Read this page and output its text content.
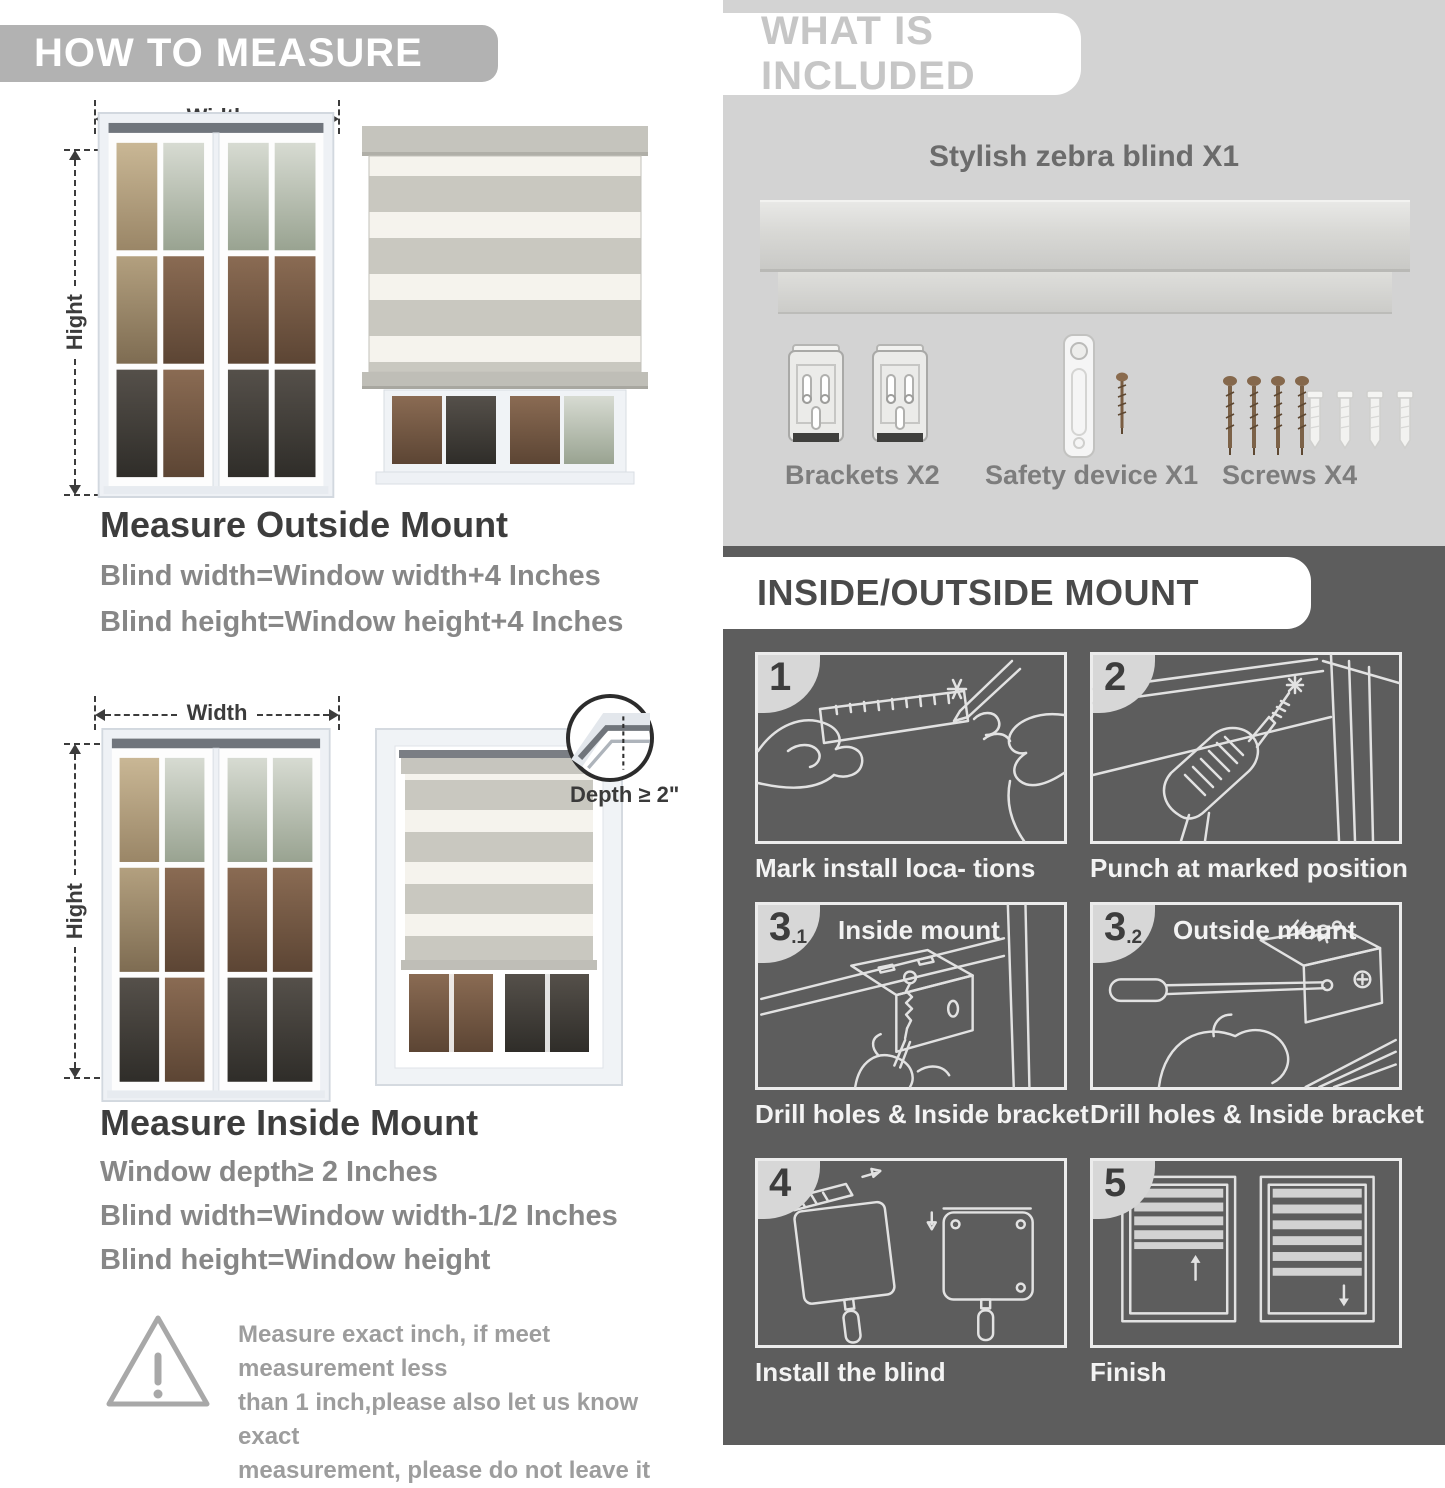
HOW TO MEASURE
Hight
Measure Outside Mount
Blind width=Window width+4 Inches
Blind height=Window height+4 Inches
Width
Hight
Depth ≥ 2"
Measure Inside Mount
Window depth≥ 2 Inches
Blind width=Window width-1/2 Inches
Blind height=Window height
Measure exact inch, if meet measurement less
than 1 inch,please also let us know exact
measurement, please do not leave it
WHAT IS INCLUDED
Stylish zebra blind X1
Brackets X2 Safety device X1 Screws X4
INSIDE/OUTSIDE MOUNT
1
Mark install loca- tions
2
Punch at marked position
3 .1 Inside mount
Drill holes & Inside bracket
3 .2 Outside mount
Drill holes & Inside bracket
4
Install the blind
5
Finish
